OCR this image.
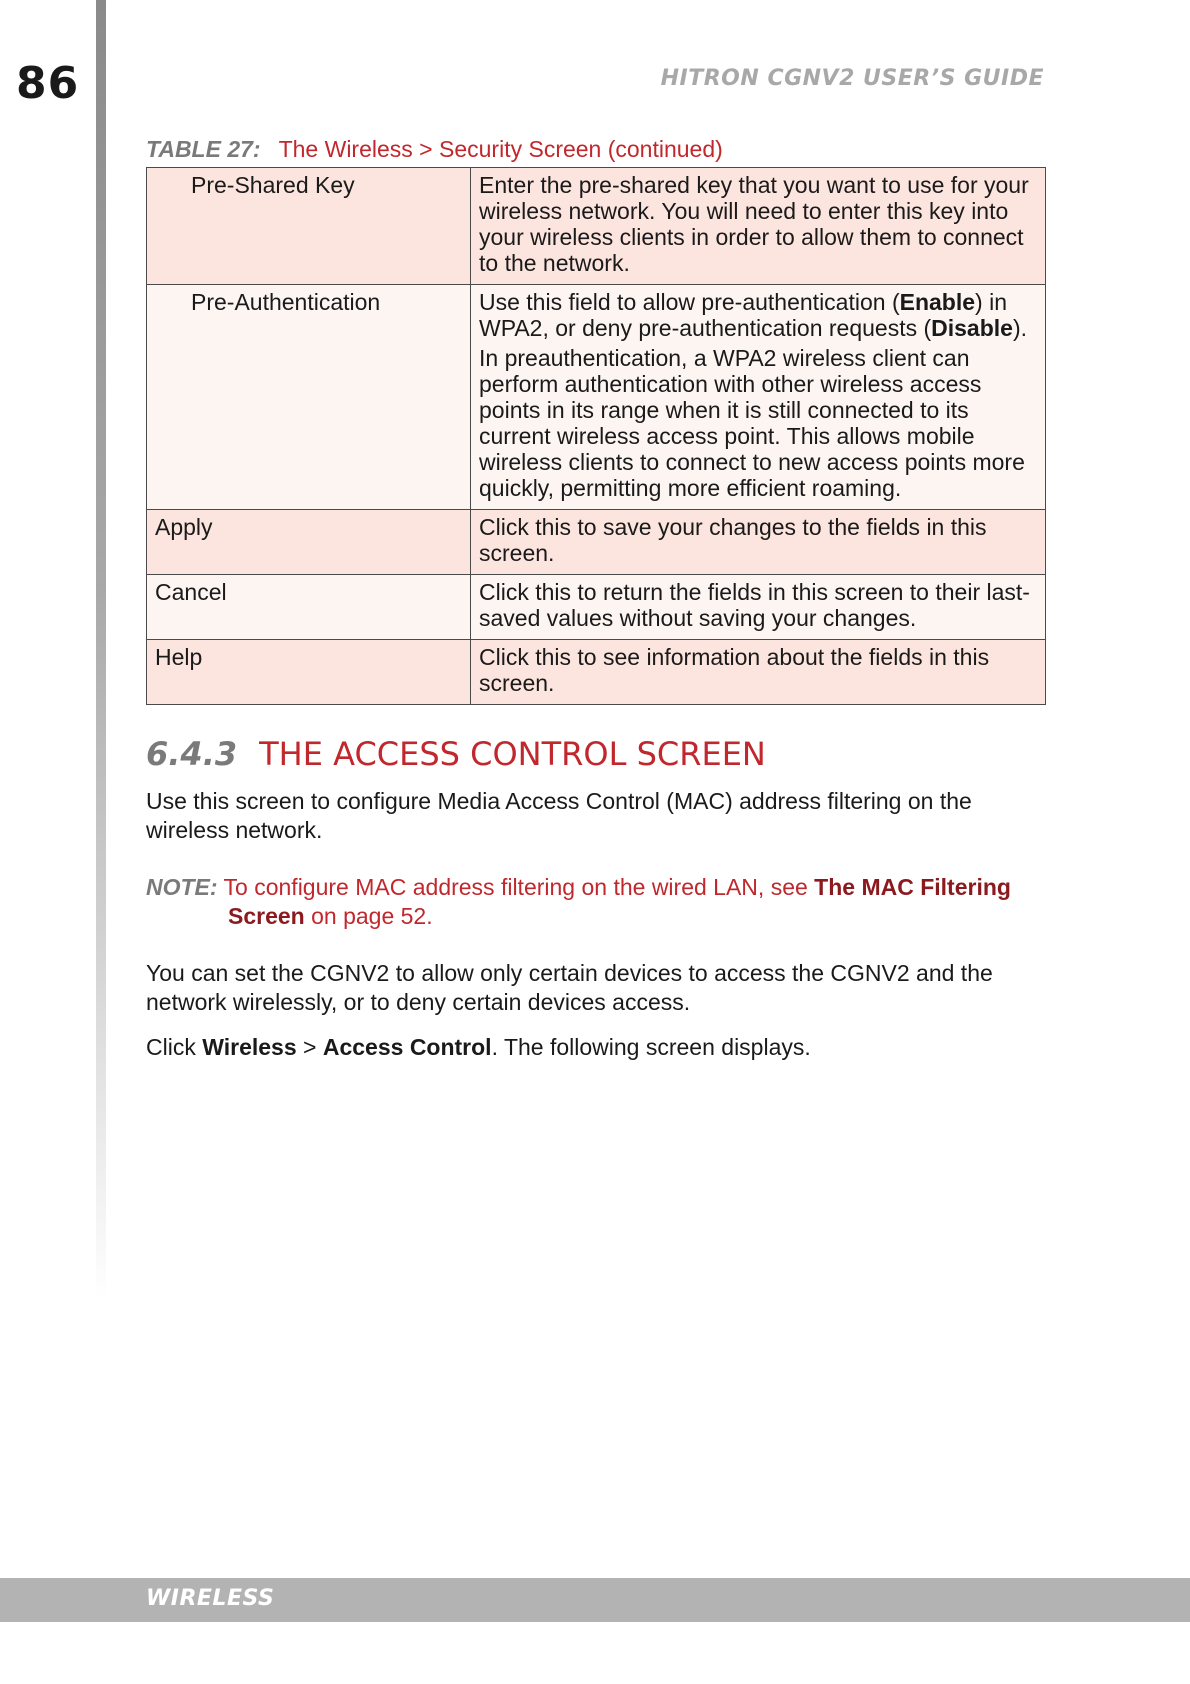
86	HITRON CGNV2 USER’S GUIDE
TABLE 27: The Wireless > Security Screen (continued)
Pre-Shared Key	Enter the pre-shared key that you want to use for your wireless network. You will need to enter this key into your wireless clients in order to allow them to connect to the network.

Pre-Authentication	Use this field to allow pre-authentication (Enable) in WPA2, or deny pre-authentication requests (Disable).

In preauthentication, a WPA2 wireless client can perform authentication with other wireless access points in its range when it is still connected to its current wireless access point. This allows mobile wireless clients to connect to new access points more quickly, permitting more efficient roaming.

Apply	Click this to save your changes to the fields in this screen.

Cancel	Click this to return the fields in this screen to their last-saved values without saving your changes.

Help	Click this to see information about the fields in this screen.

6.4.3 THE ACCESS CONTROL SCREEN

Use this screen to configure Media Access Control (MAC) address filtering on the wireless network.

NOTE: To configure MAC address filtering on the wired LAN, see The MAC Filtering Screen on page 52.

You can set the CGNV2 to allow only certain devices to access the CGNV2 and the network wirelessly, or to deny certain devices access.

Click Wireless > Access Control. The following screen displays.

WIRELESS
